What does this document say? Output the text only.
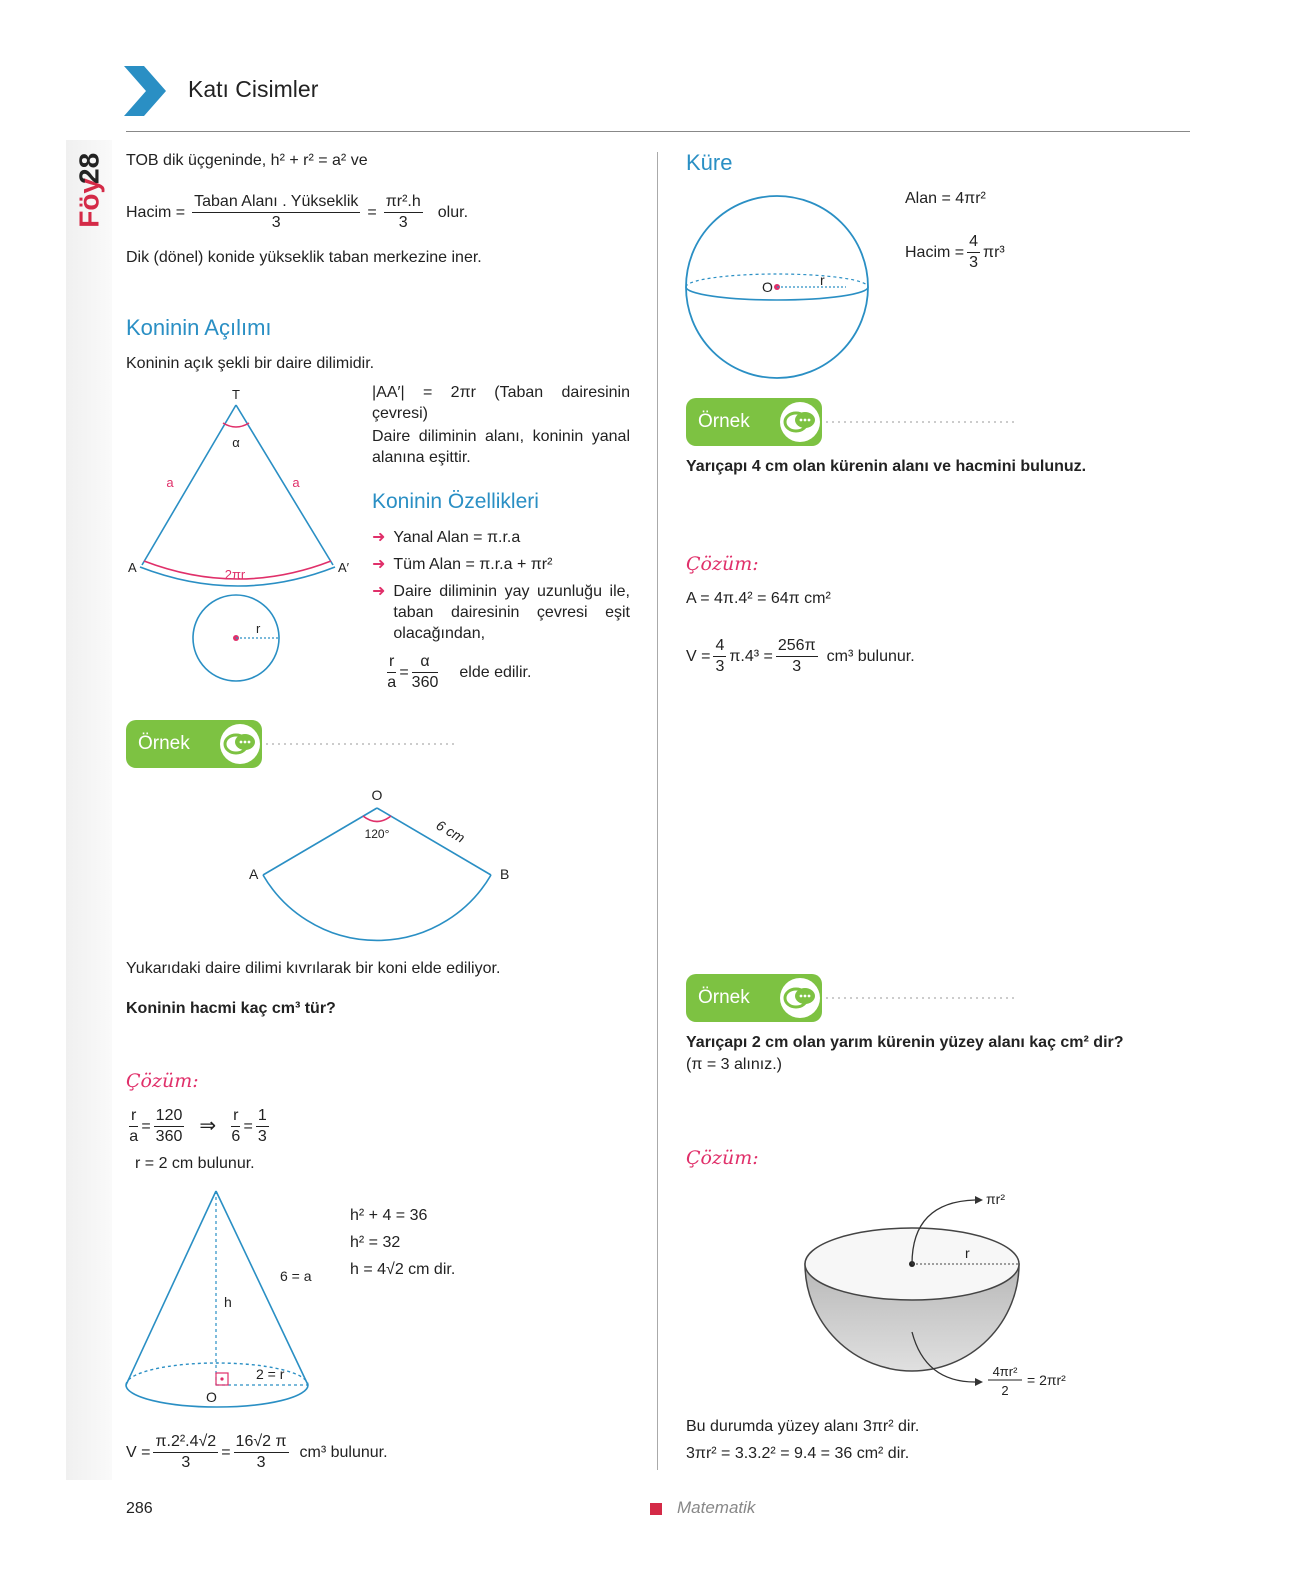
Föy
28
Katı Cisimler
TOB dik üçgeninde, h² + r² = a² ve
Hacim = $\frac{\text{Taban Alanı . Yükseklik}}{3} = \frac{\text{πr².h}}{3}$ olur.
Dik (dönel) konide yükseklik taban merkezine iner.
Koninin Açılımı
Koninin açık şekli bir daire dilimidir.
T
α
a	a
A	A′
2πr
r
|AA′| = 2πr (Taban dairesinin çevresi)
Daire diliminin alanı, koninin yanal alanına eşittir.
Koninin Özellikleri
➜ Yanal Alan = π.r.a
➜ Tüm Alan = π.r.a + πr²
➜ Daire diliminin yay uzunluğu ile, taban dairesinin çevresi eşit olacağından,
$\frac{r}{a} = \frac{\alpha}{360}$ elde edilir.
Örnek
O
120°	6 cm
A	B
Yukarıdaki daire dilimi kıvrılarak bir koni elde ediliyor.
Koninin hacmi kaç cm³ tür?
Çözüm:
$\frac{r}{a} = \frac{120}{360}$ ⇒ $\frac{r}{6} = \frac{1}{3}$
r = 2 cm bulunur.
h
6 = a
2 = r
O
h² + 4 = 36
h² = 32
h = 4√2 cm dir.
$V = \frac{\text{π.2².4√2}}{3} = \frac{16√2 \pi}{3} cm^3$ bulunur.
Küre
O	r
Alan = 4πr²
Hacim = $\frac{4}{3} \pi r^3$
Örnek
Yarıçapı 4 cm olan kürenin alanı ve hacmini bulunuz.
Çözüm:
A = 4π.4² = 64π cm²
$V = \frac{4}{3} \pi.4^3 = \frac{256\pi}{3} cm^3$ bulunur.
Örnek
Yarıçapı 2 cm olan yarım kürenin yüzey alanı kaç cm² dir?
(π = 3 alınız.)
Çözüm:
πr²
r
4πr²
2
= 2πr²
Bu durumda yüzey alanı 3πr² dir.
3πr² = 3.3.2² = 9.4 = 36 cm² dir.
286	Matematik
